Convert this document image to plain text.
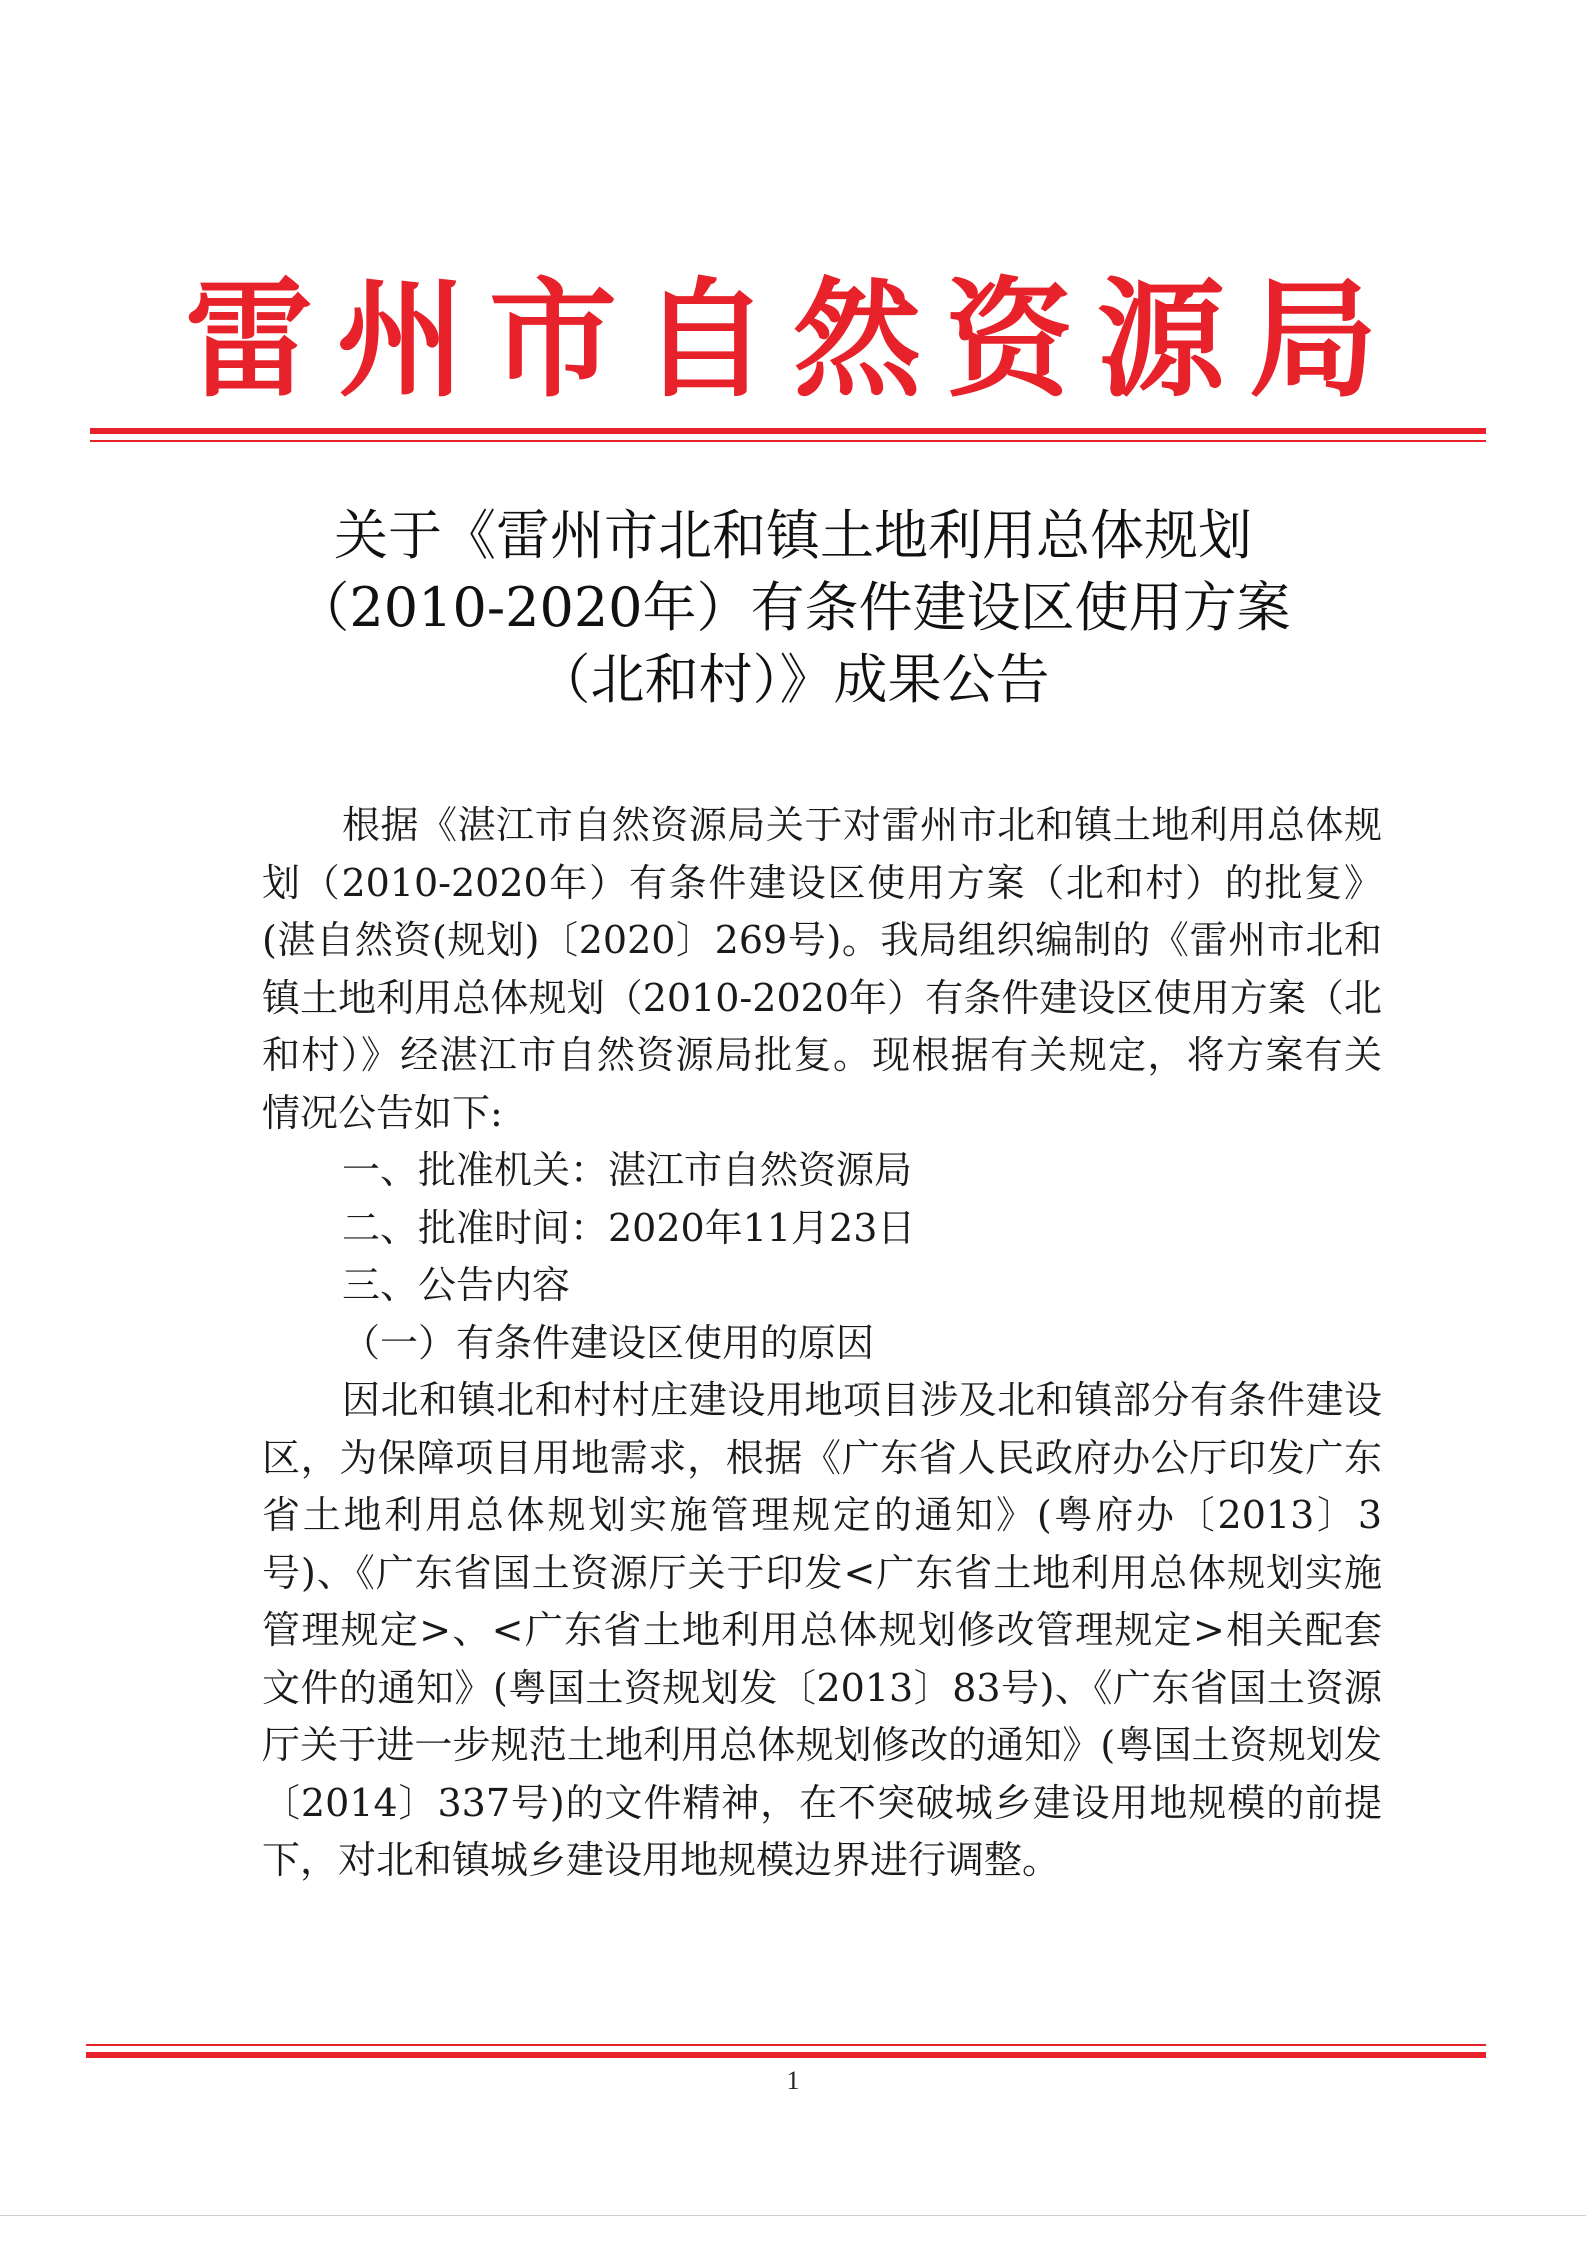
雷州市自然资源局
关于《雷州市北和镇土地利用总体规划
（2010-2020年）有条件建设区使用方案
（北和村）》成果公告

根据《湛江市自然资源局关于对雷州市北和镇土地利用总体规划（2010-2020年）有条件建设区使用方案（北和村）的批复》(湛自然资(规划)〔2020〕269号)。我局组织编制的《雷州市北和镇土地利用总体规划（2010-2020年）有条件建设区使用方案（北和村）》经湛江市自然资源局批复。现根据有关规定，将方案有关情况公告如下:

一、批准机关：湛江市自然资源局

二、批准时间：2020年11月23日

三、公告内容

（一）有条件建设区使用的原因

因北和镇北和村村庄建设用地项目涉及北和镇部分有条件建设区，为保障项目用地需求，根据《广东省人民政府办公厅印发广东省土地利用总体规划实施管理规定的通知》(粤府办〔2013〕3号)、《广东省国土资源厅关于印发<广东省土地利用总体规划实施管理规定>、<广东省土地利用总体规划修改管理规定>相关配套文件的通知》(粤国土资规划发〔2013〕83号)、《广东省国土资源厅关于进一步规范土地利用总体规划修改的通知》(粤国土资规划发〔2014〕337号)的文件精神，在不突破城乡建设用地规模的前提下，对北和镇城乡建设用地规模边界进行调整。

1
